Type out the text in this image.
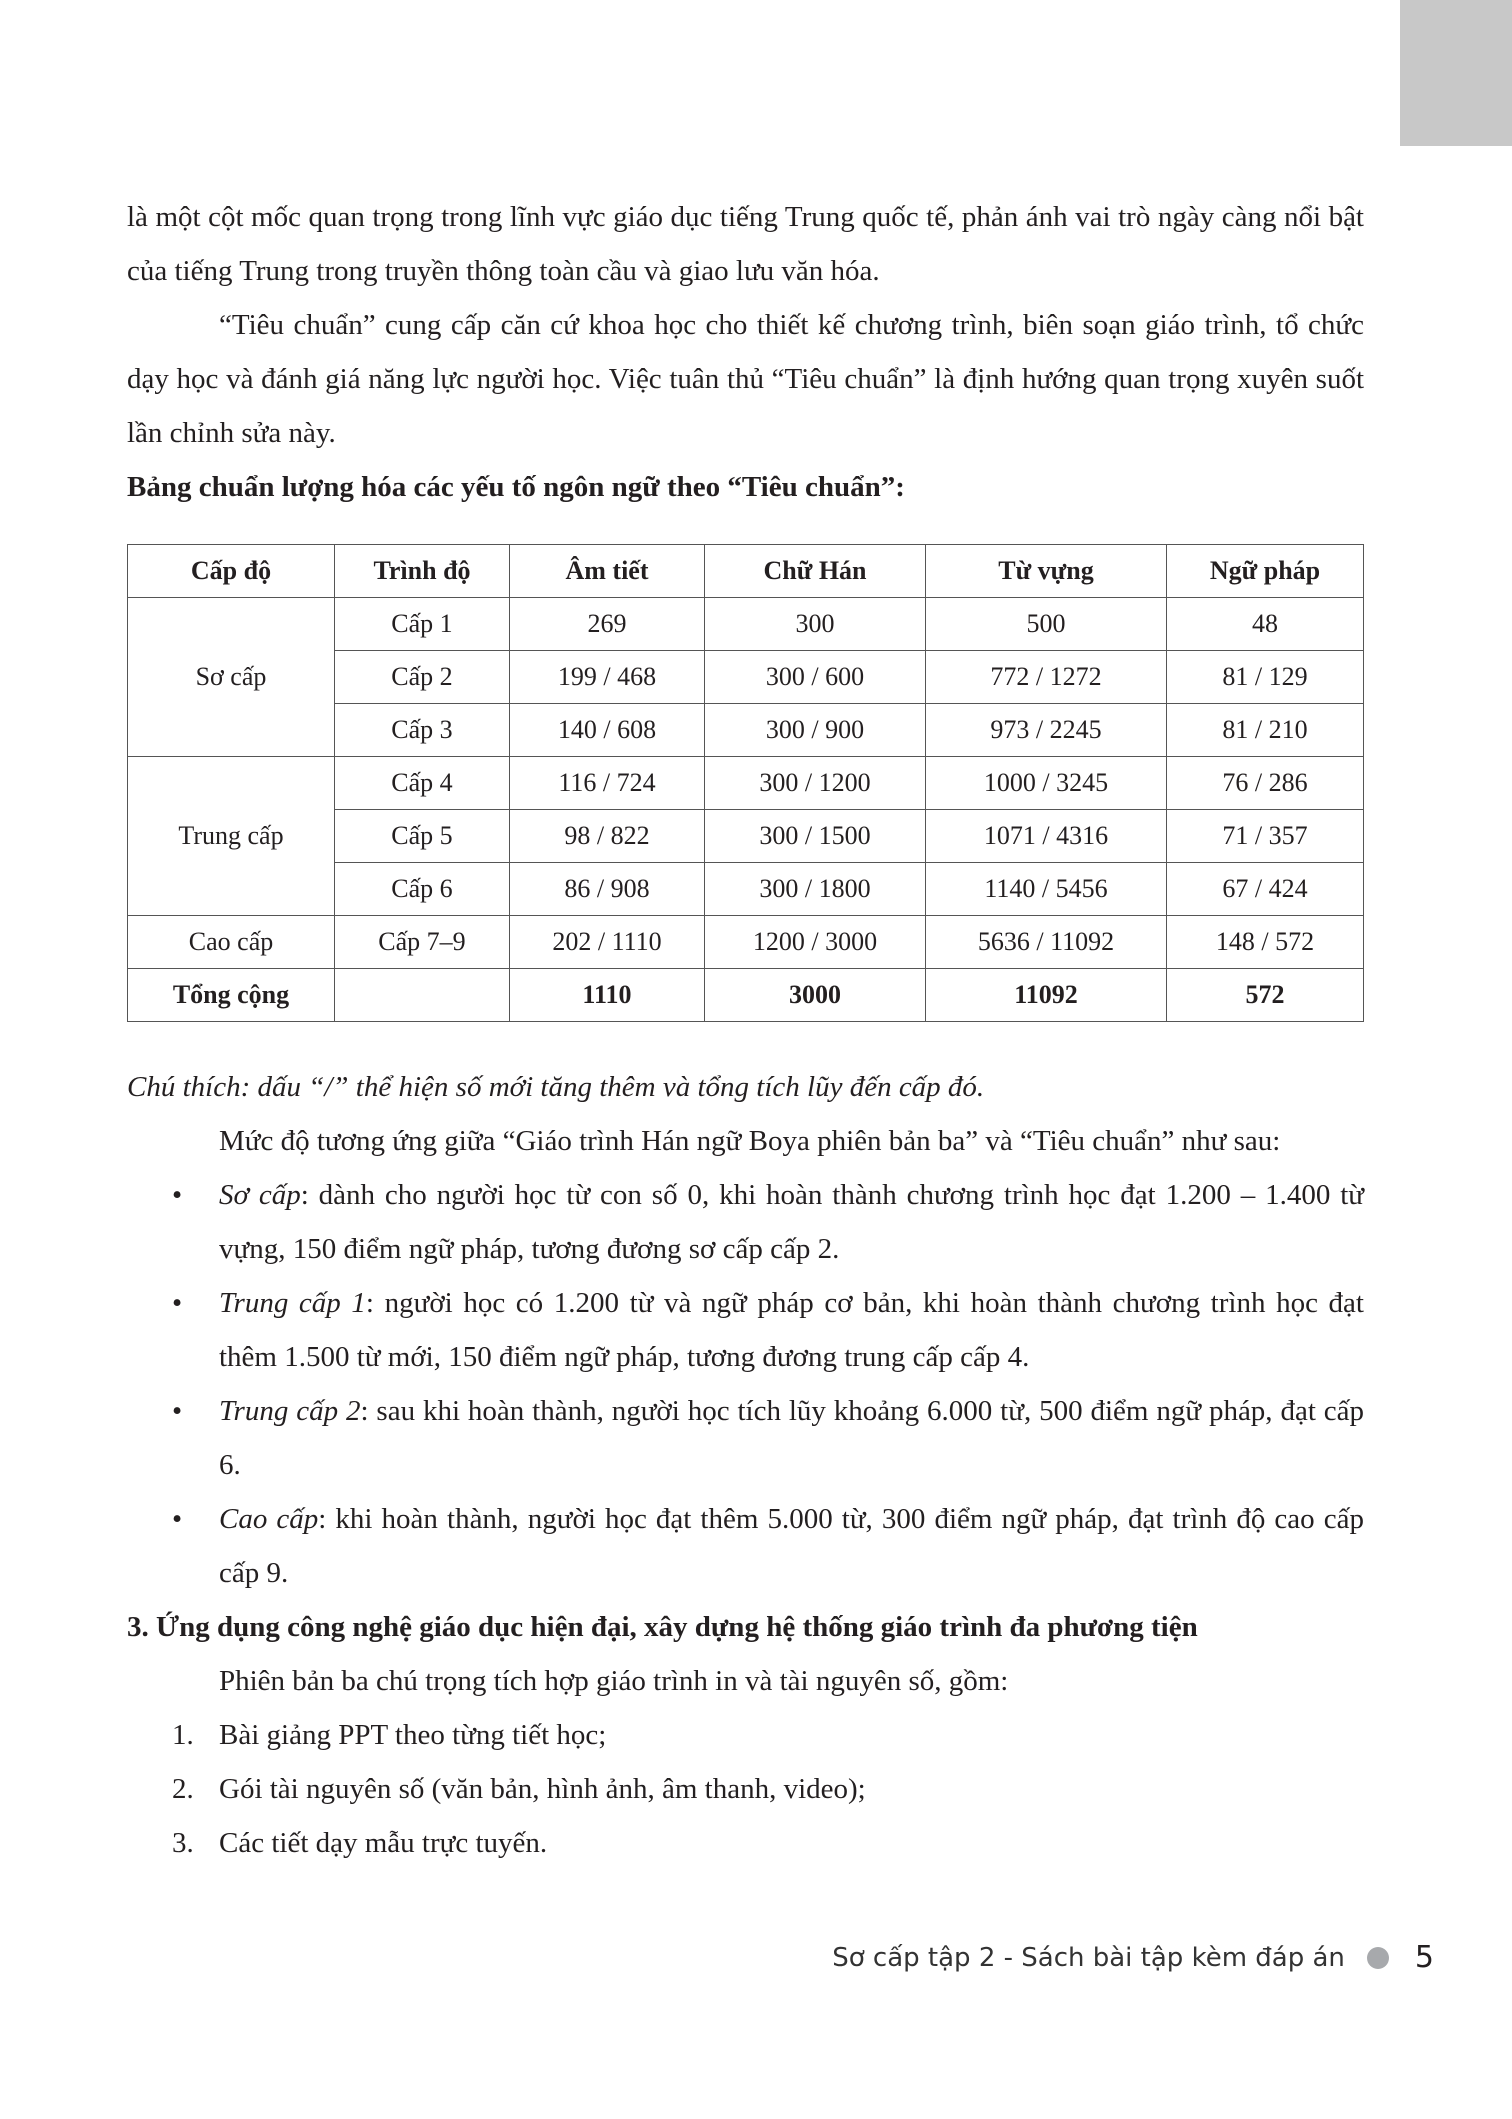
là một cột mốc quan trọng trong lĩnh vực giáo dục tiếng Trung quốc tế, phản ánh vai trò ngày càng nổi bật của tiếng Trung trong truyền thông toàn cầu và giao lưu văn hóa.

“Tiêu chuẩn” cung cấp căn cứ khoa học cho thiết kế chương trình, biên soạn giáo trình, tổ chức dạy học và đánh giá năng lực người học. Việc tuân thủ “Tiêu chuẩn” là định hướng quan trọng xuyên suốt lần chỉnh sửa này.

Bảng chuẩn lượng hóa các yếu tố ngôn ngữ theo “Tiêu chuẩn”:

Cấp độ	Trình độ	Âm tiết	Chữ Hán	Từ vựng	Ngữ pháp
Sơ cấp	Cấp 1	269	300	500	48
	Cấp 2	199 / 468	300 / 600	772 / 1272	81 / 129
	Cấp 3	140 / 608	300 / 900	973 / 2245	81 / 210
Trung cấp	Cấp 4	116 / 724	300 / 1200	1000 / 3245	76 / 286
	Cấp 5	98 / 822	300 / 1500	1071 / 4316	71 / 357
	Cấp 6	86 / 908	300 / 1800	1140 / 5456	67 / 424
Cao cấp	Cấp 7–9	202 / 1110	1200 / 3000	5636 / 11092	148 / 572
Tổng cộng		1110	3000	11092	572

Chú thích: dấu “/” thể hiện số mới tăng thêm và tổng tích lũy đến cấp đó.

Mức độ tương ứng giữa “Giáo trình Hán ngữ Boya phiên bản ba” và “Tiêu chuẩn” như sau:

• Sơ cấp: dành cho người học từ con số 0, khi hoàn thành chương trình học đạt 1.200 – 1.400 từ vựng, 150 điểm ngữ pháp, tương đương sơ cấp cấp 2.
• Trung cấp 1: người học có 1.200 từ và ngữ pháp cơ bản, khi hoàn thành chương trình học đạt thêm 1.500 từ mới, 150 điểm ngữ pháp, tương đương trung cấp cấp 4.
• Trung cấp 2: sau khi hoàn thành, người học tích lũy khoảng 6.000 từ, 500 điểm ngữ pháp, đạt cấp 6.
• Cao cấp: khi hoàn thành, người học đạt thêm 5.000 từ, 300 điểm ngữ pháp, đạt trình độ cao cấp cấp 9.

3. Ứng dụng công nghệ giáo dục hiện đại, xây dựng hệ thống giáo trình đa phương tiện

Phiên bản ba chú trọng tích hợp giáo trình in và tài nguyên số, gồm:

1. Bài giảng PPT theo từng tiết học;
2. Gói tài nguyên số (văn bản, hình ảnh, âm thanh, video);
3. Các tiết dạy mẫu trực tuyến.
Sơ cấp tập 2 - Sách bài tập kèm đáp án 5
